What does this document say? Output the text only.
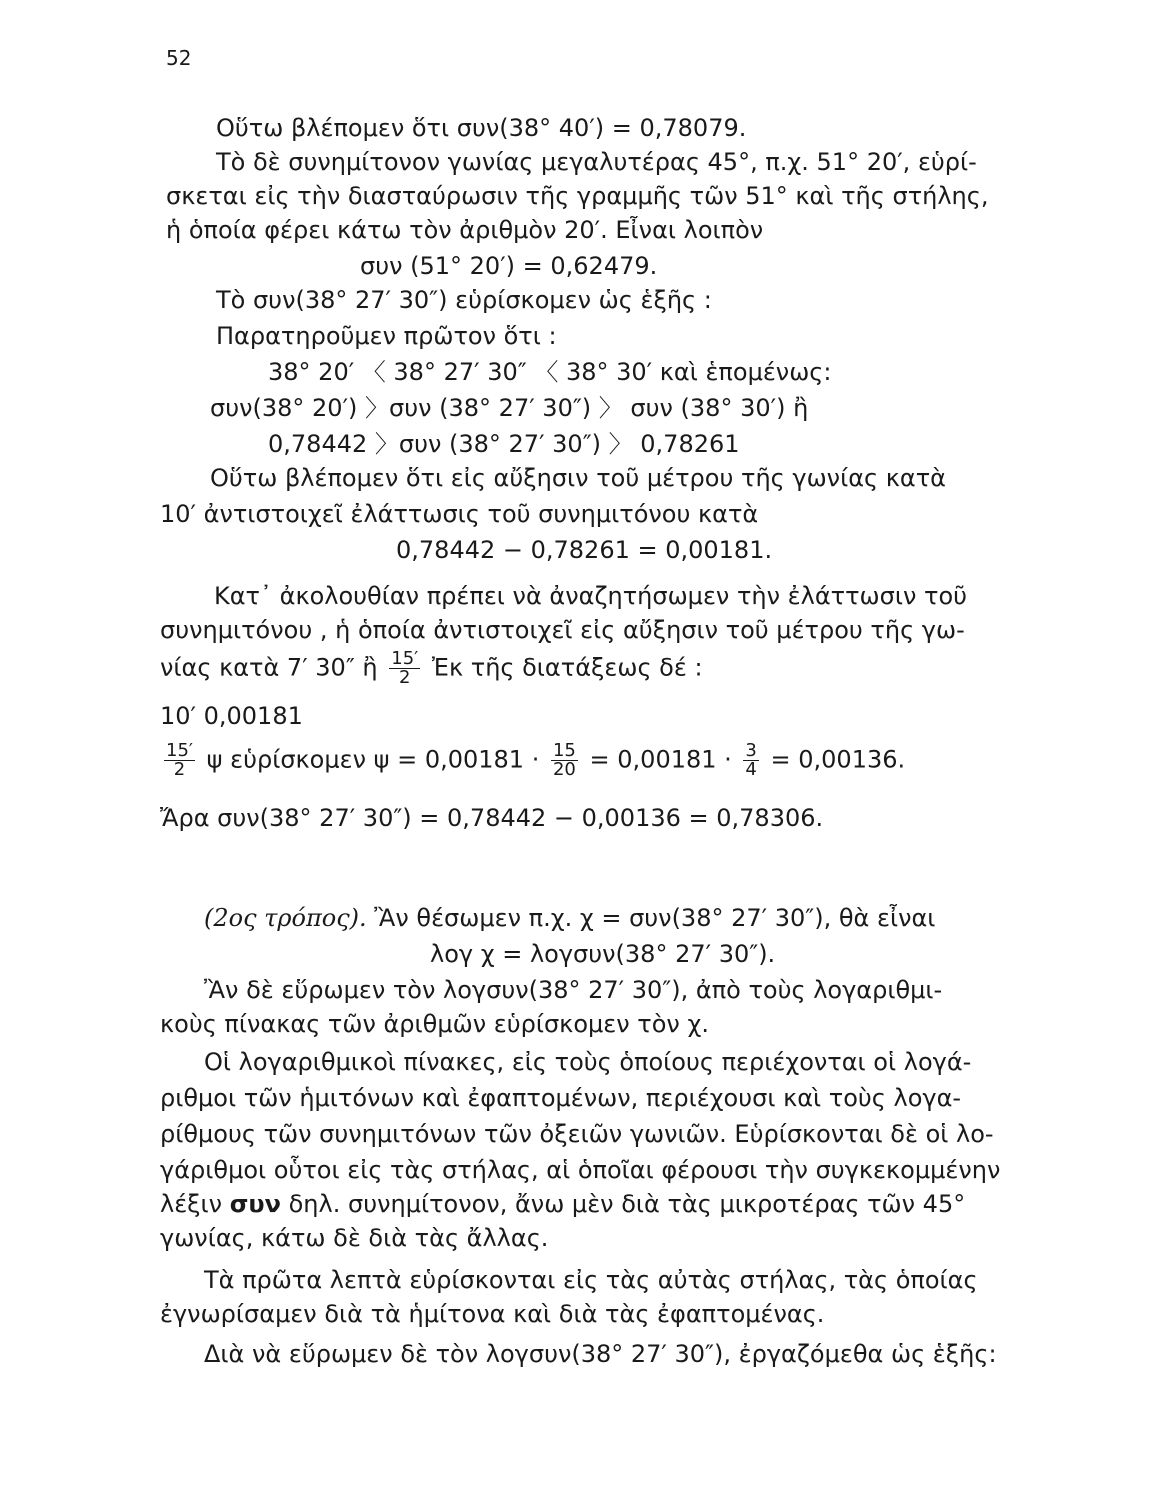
52
Οὕτω βλέπομεν ὅτι συν(38° 40′) = 0,78079.
Τὸ δὲ συνημίτονον γωνίας μεγαλυτέρας 45°, π.χ. 51° 20′, εὑρί-
σκεται εἰς τὴν διασταύρωσιν τῆς γραμμῆς τῶν 51° καὶ τῆς στήλης,
ἡ ὁποία φέρει κάτω τὸν ἀριθμὸν 20′. Εἶναι λοιπὸν
συν (51° 20′) = 0,62479.
Τὸ συν(38° 27′ 30″) εὑρίσκομεν ὡς ἑξῆς :
Παρατηροῦμεν πρῶτον ὅτι :
38° 20′ 〈 38° 27′ 30″ 〈 38° 30′ καὶ ἑπομένως:
συν(38° 20′) 〉συν (38° 27′ 30″) 〉 συν (38° 30′) ἢ
0,78442 〉συν (38° 27′ 30″) 〉 0,78261
Οὕτω βλέπομεν ὅτι εἰς αὔξησιν τοῦ μέτρου τῆς γωνίας κατὰ
10′ ἀντιστοιχεῖ ἐλάττωσις τοῦ συνημιτόνου κατὰ
0,78442 − 0,78261 = 0,00181.
Κατ᾽ ἀκολουθίαν πρέπει νὰ ἀναζητήσωμεν τὴν ἐλάττωσιν τοῦ
συνημιτόνου , ἡ ὁποία ἀντιστοιχεῖ εἰς αὔξησιν τοῦ μέτρου τῆς γω-
νίας κατὰ 7′ 30″ ἢ $\frac{15'}{2}$ Ἐκ τῆς διατάξεως δέ :
10′ 0,00181
$\frac{15'}{2}$ ψ εὑρίσκομεν $\psi = 0,00181 \cdot \frac{15}{20} = 0,00181 \cdot \frac{3}{4} = 0,00136$.
Ἄρα συν(38° 27′ 30″) = 0,78442 − 0,00136 = 0,78306.
(2ος τρόπος). Ἂν θέσωμεν π.χ. χ = συν(38° 27′ 30″), θὰ εἶναι
λογ χ = λογσυν(38° 27′ 30″).
Ἂν δὲ εὕρωμεν τὸν λογσυν(38° 27′ 30″), ἀπὸ τοὺς λογαριθμι-
κοὺς πίνακας τῶν ἀριθμῶν εὑρίσκομεν τὸν χ.
Οἱ λογαριθμικοὶ πίνακες, εἰς τοὺς ὁποίους περιέχονται οἱ λογά-
ριθμοι τῶν ἡμιτόνων καὶ ἐφαπτομένων, περιέχουσι καὶ τοὺς λογα-
ρίθμους τῶν συνημιτόνων τῶν ὀξειῶν γωνιῶν. Εὑρίσκονται δὲ οἱ λο-
γάριθμοι οὗτοι εἰς τὰς στήλας, αἱ ὁποῖαι φέρουσι τὴν συγκεκομμένην
λέξιν συν δηλ. συνημίτονον, ἄνω μὲν διὰ τὰς μικροτέρας τῶν 45°
γωνίας, κάτω δὲ διὰ τὰς ἄλλας.
Τὰ πρῶτα λεπτὰ εὑρίσκονται εἰς τὰς αὐτὰς στήλας, τὰς ὁποίας
ἐγνωρίσαμεν διὰ τὰ ἡμίτονα καὶ διὰ τὰς ἐφαπτομένας.
Διὰ νὰ εὕρωμεν δὲ τὸν λογσυν(38° 27′ 30″), ἐργαζόμεθα ὡς ἑξῆς:
